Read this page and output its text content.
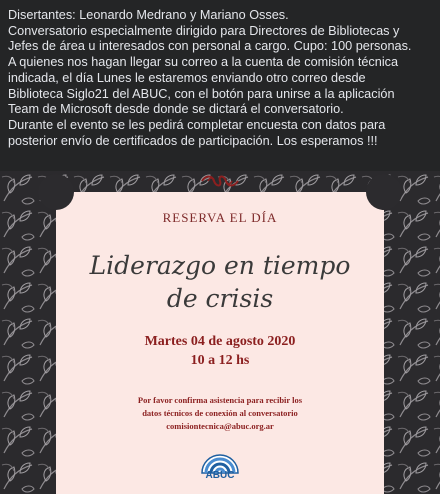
Disertantes: Leonardo Medrano y Mariano Osses.

Conversatorio especialmente dirigido para Directores de Bibliotecas y

Jefes de área u interesados con personal a cargo. Cupo: 100 personas.

A quienes nos hagan llegar su correo a la cuenta de comisión técnica

indicada, el día Lunes le estaremos enviando otro correo desde

Biblioteca Siglo21 del ABUC, con el botón para unirse a la aplicación

Team de Microsoft desde donde se dictará el conversatorio.

Durante el evento se les pedirá completar encuesta con datos para

posterior envío de certificados de participación. Los esperamos !!!

RESERVA EL DÍA
Liderazgo en tiempo
de crisis
Martes 04 de agosto 2020
10 a 12 hs
Por favor confirma asistencia para recibir los
datos técnicos de conexión al conversatorio
comisiontecnica@abuc.org.ar
ABUC
